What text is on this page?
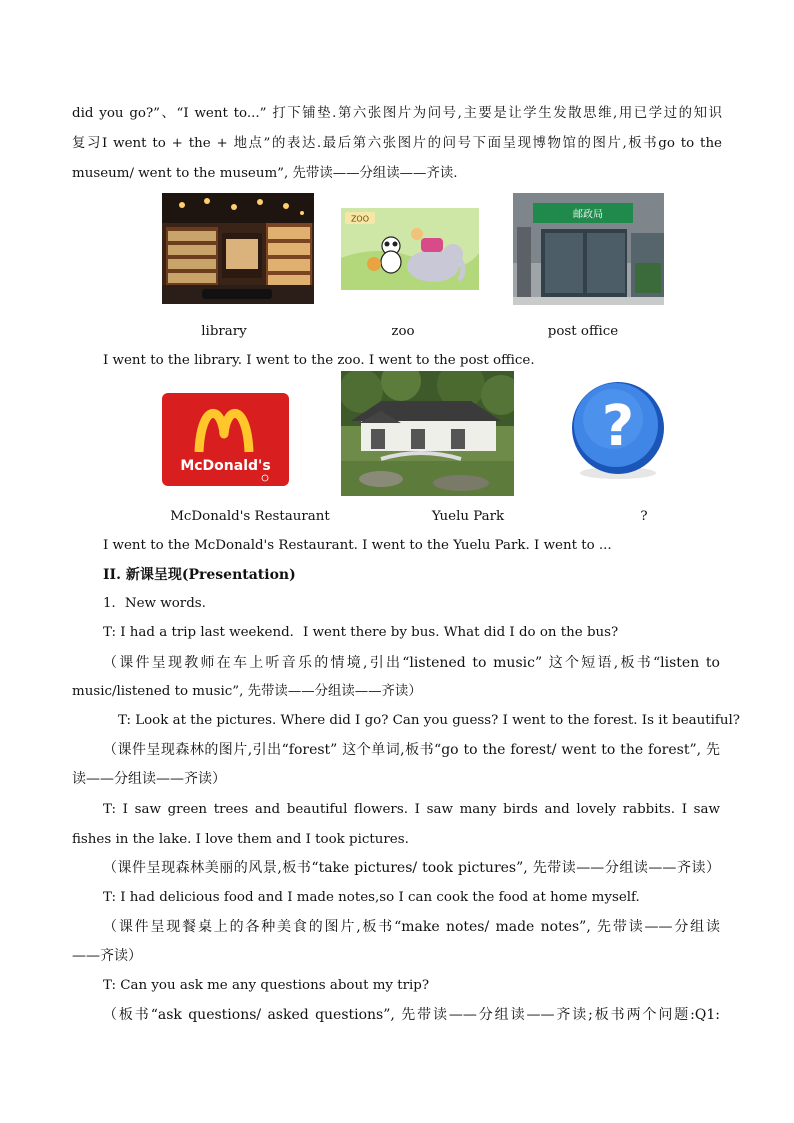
did you go?”、“I went to...” 打下铺垫.第六张图片为问号,主要是让学生发散思维,用已学过的知识
复习I went to + the + 地点”的表达.最后第六张图片的问号下面呈现博物馆的图片,板书go to the
museum/ went to the museum”, 先带读——分组读——齐读.
ZOO	邮政局
library	zoo	post office
I went to the library. I went to the zoo. I went to the post office.
McDonald's
?
McDonald's Restaurant	Yuelu Park	?
I went to the McDonald's Restaurant. I went to the Yuelu Park. I went to ...
II. 新课呈现(Presentation)
1．New words.
T: I had a trip last weekend．I went there by bus. What did I do on the bus?
（课件呈现教师在车上听音乐的情境,引出“listened to music” 这个短语,板书“listen to
music/listened to music”, 先带读——分组读——齐读）
T: Look at the pictures. Where did I go? Can you guess? I went to the forest. Is it beautiful?
（课件呈现森林的图片,引出“forest” 这个单词,板书“go to the forest/ went to the forest”, 先
读——分组读——齐读）
T: I saw green trees and beautiful flowers. I saw many birds and lovely rabbits. I saw
fishes in the lake. I love them and I took pictures.
（课件呈现森林美丽的风景,板书“take pictures/ took pictures”, 先带读——分组读——齐读）
T: I had delicious food and I made notes,so I can cook the food at home myself.
（课件呈现餐桌上的各种美食的图片,板书“make notes/ made notes”, 先带读——分组读
——齐读）
T: Can you ask me any questions about my trip?
（板书“ask questions/ asked questions”, 先带读——分组读——齐读;板书两个问题:Q1:
